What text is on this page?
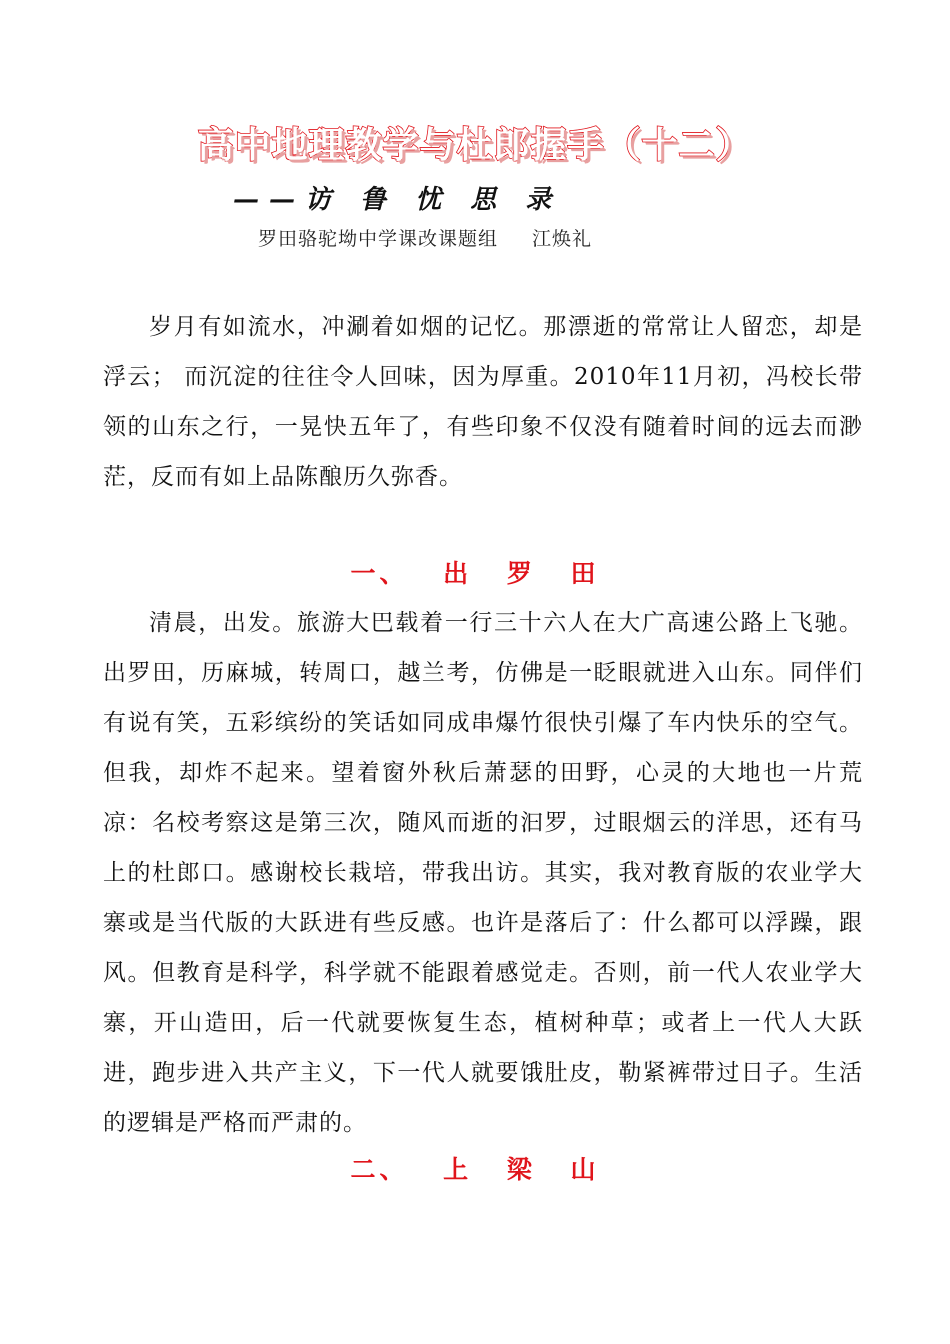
高中地理教学与杜郎握手（十二）
——访 鲁 忧 思 录
罗田骆驼坳中学课改课题组 江焕礼

岁月有如流水，冲涮着如烟的记忆。那漂逝的常常让人留恋，却是浮云； 而沉淀的往往令人回味，因为厚重。2010年11月初，冯校长带领的山东之行，一晃快五年了，有些印象不仅没有随着时间的远去而渺茫，反而有如上品陈酿历久弥香。

一、 出 罗 田

清晨，出发。旅游大巴载着一行三十六人在大广高速公路上飞驰。出罗田，历麻城，转周口，越兰考，仿佛是一眨眼就进入山东。同伴们有说有笑，五彩缤纷的笑话如同成串爆竹很快引爆了车内快乐的空气。但我，却炸不起来。望着窗外秋后萧瑟的田野，心灵的大地也一片荒凉：名校考察这是第三次，随风而逝的汩罗，过眼烟云的洋思，还有马上的杜郎口。感谢校长栽培，带我出访。其实，我对教育版的农业学大寨或是当代版的大跃进有些反感。也许是落后了：什么都可以浮躁，跟风。但教育是科学，科学就不能跟着感觉走。否则，前一代人农业学大寨，开山造田，后一代就要恢复生态，植树种草；或者上一代人大跃进，跑步进入共产主义，下一代人就要饿肚皮，勒紧裤带过日子。生活的逻辑是严格而严肃的。

二、 上 梁 山
